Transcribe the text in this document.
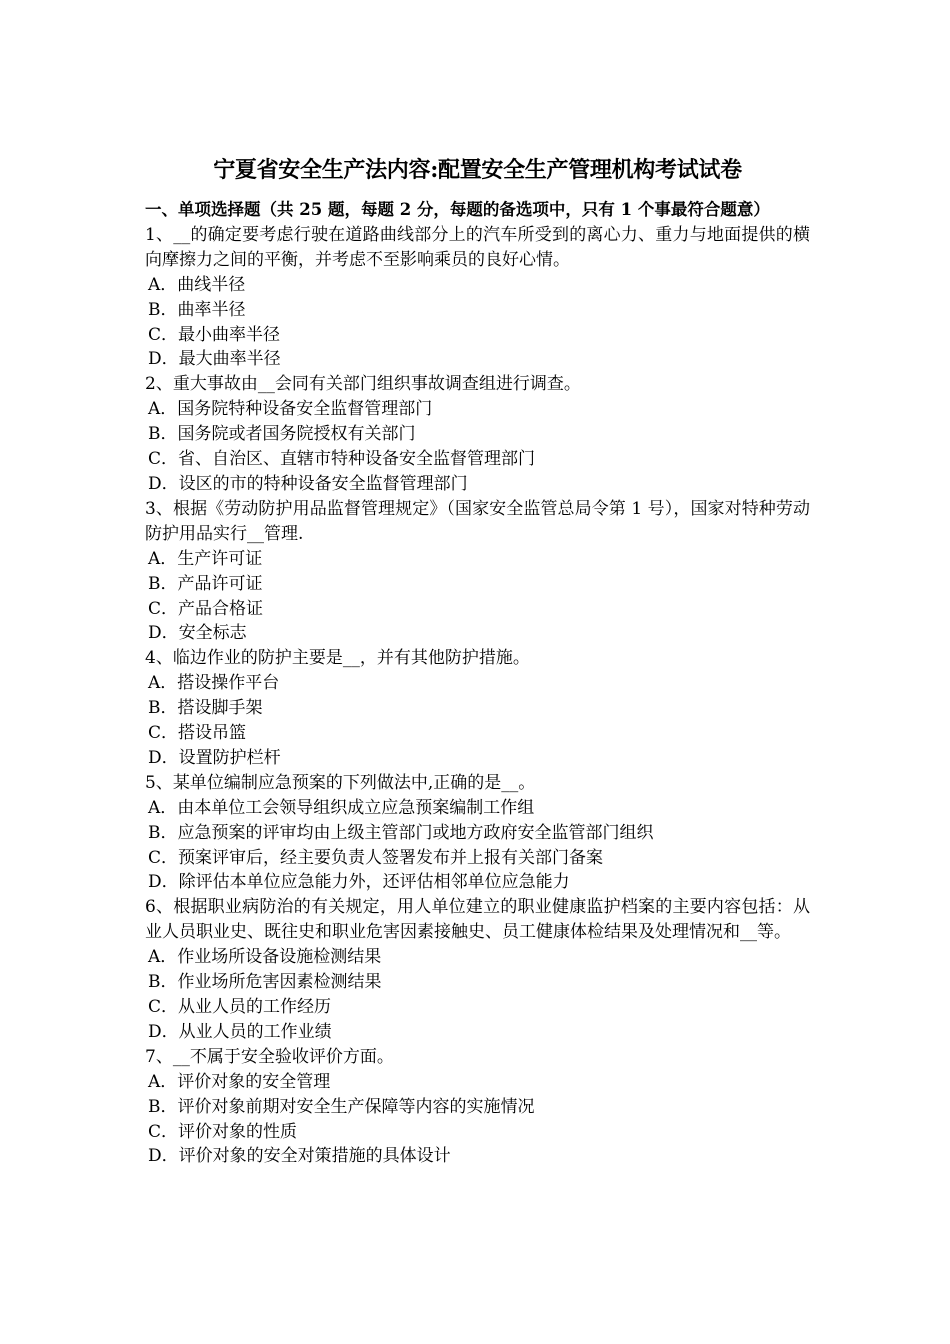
宁夏省安全生产法内容:配置安全生产管理机构考试试卷

一、单项选择题（共 25 题，每题 2 分，每题的备选项中，只有 1 个事最符合题意）

1、__的确定要考虑行驶在道路曲线部分上的汽车所受到的离心力、重力与地面提供的横向摩擦力之间的平衡，并考虑不至影响乘员的良好心情。

A．曲线半径

B．曲率半径

C．最小曲率半径

D．最大曲率半径

2、重大事故由__会同有关部门组织事故调查组进行调查。

A．国务院特种设备安全监督管理部门

B．国务院或者国务院授权有关部门

C．省、自治区、直辖市特种设备安全监督管理部门

D．设区的市的特种设备安全监督管理部门

3、根据《劳动防护用品监督管理规定》（国家安全监管总局令第 1 号），国家对特种劳动防护用品实行__管理.

A．生产许可证

B．产品许可证

C．产品合格证

D．安全标志

4、临边作业的防护主要是__，并有其他防护措施。

A．搭设操作平台

B．搭设脚手架

C．搭设吊篮

D．设置防护栏杆

5、某单位编制应急预案的下列做法中,正确的是__。

A．由本单位工会领导组织成立应急预案编制工作组

B．应急预案的评审均由上级主管部门或地方政府安全监管部门组织

C．预案评审后，经主要负责人签署发布并上报有关部门备案

D．除评估本单位应急能力外，还评估相邻单位应急能力

6、根据职业病防治的有关规定，用人单位建立的职业健康监护档案的主要内容包括：从业人员职业史、既往史和职业危害因素接触史、员工健康体检结果及处理情况和__等。

A．作业场所设备设施检测结果

B．作业场所危害因素检测结果

C．从业人员的工作经历

D．从业人员的工作业绩

7、__不属于安全验收评价方面。

A．评价对象的安全管理

B．评价对象前期对安全生产保障等内容的实施情况

C．评价对象的性质

D．评价对象的安全对策措施的具体设计
